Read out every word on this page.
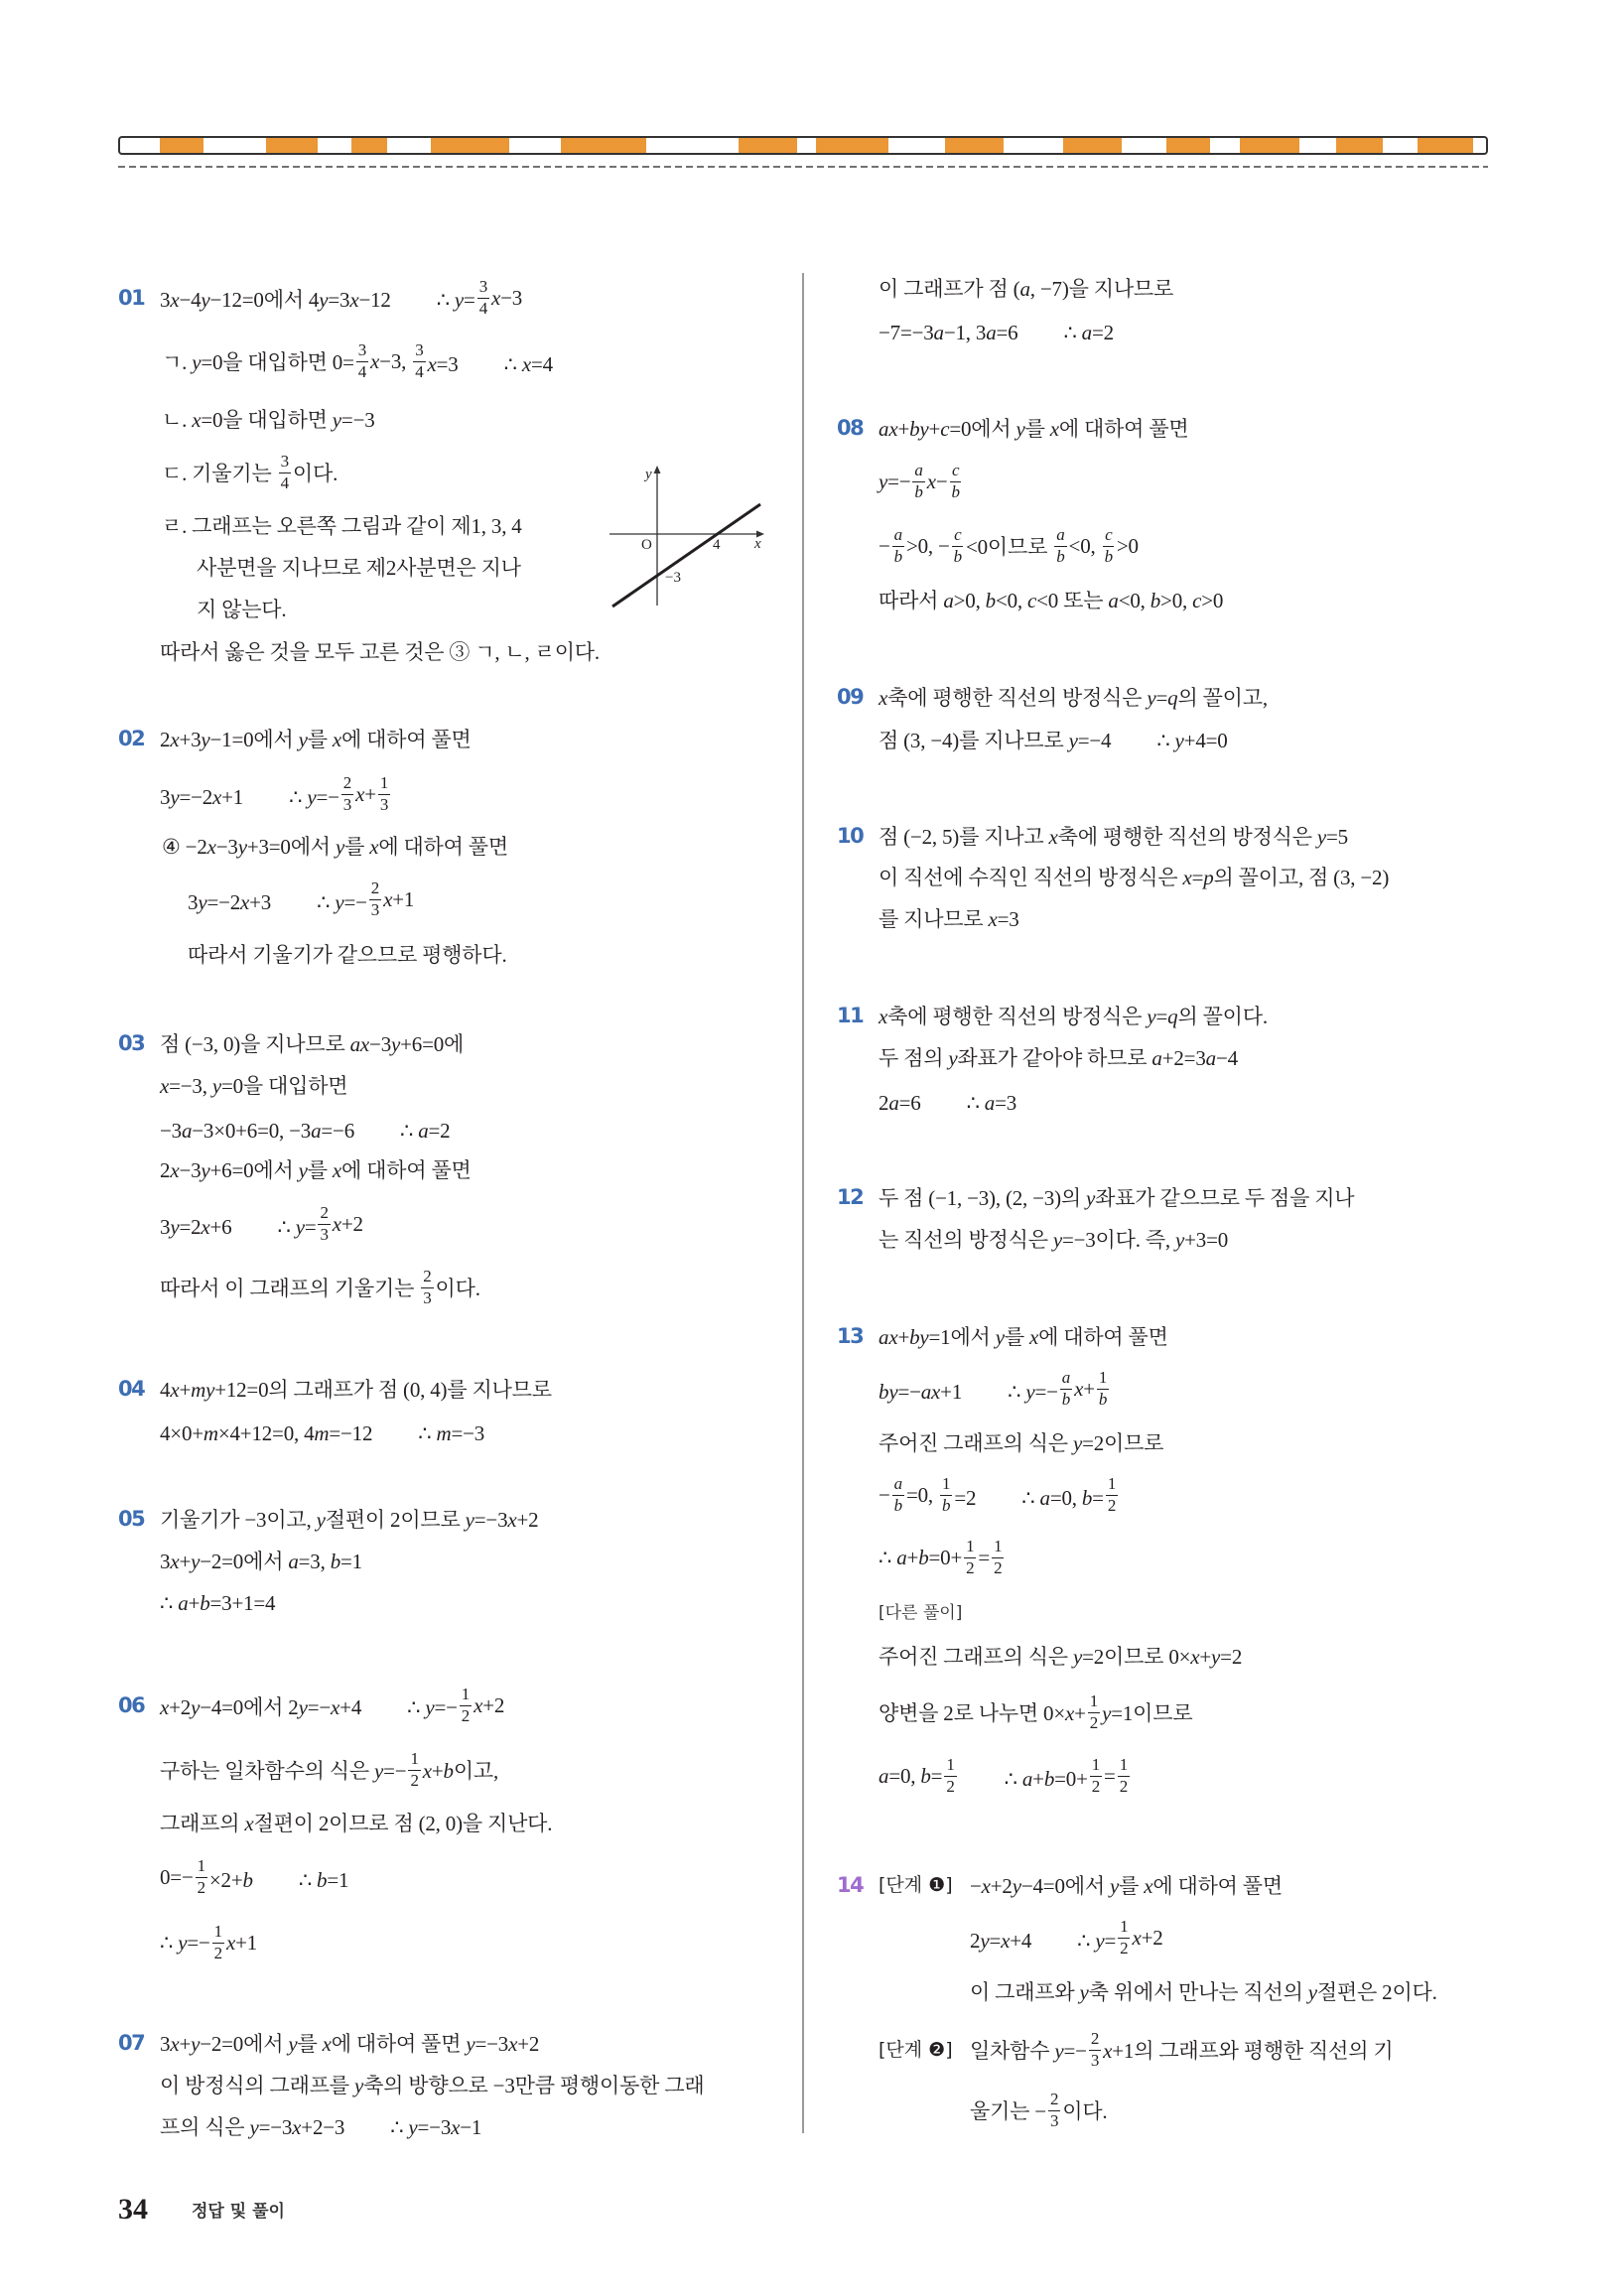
01 3x−4y−12=0에서 4y=3x−12 ∴ $y= \frac{3}{4} x-3$
ㄱ. y=0을 대입하면 $0= \frac{3}{4} x-3$, $\frac{3}{4} x=3$ ∴ x=4
ㄴ. x=0을 대입하면 y=−3
ㄷ. 기울기는 $\frac{3}{4}$ 이다.
ㄹ. 그래프는 오른쪽 그림과 같이 제1, 3, 4
사분면을 지나므로 제2사분면은 지나
지 않는다.
따라서 옳은 것을 모두 고른 것은 ③ ㄱ, ㄴ, ㄹ이다.
y
x
O	4
−3
02 2x+3y−1=0에서 y를 x에 대하여 풀면
3y=−2x+1 ∴ $y=- \frac{2}{3} x+ \frac{1}{3}$
④ −2x−3y+3=0에서 y를 x에 대하여 풀면
3y=−2x+3 ∴ $y=- \frac{2}{3} x+1$
따라서 기울기가 같으므로 평행하다.
03 점 (−3, 0)을 지나므로 ax−3y+6=0에
x=−3, y=0을 대입하면
−3a−3×0+6=0, −3a=−6 ∴ a=2
2x−3y+6=0에서 y를 x에 대하여 풀면
3y=2x+6 ∴ $y= \frac{2}{3} x+2$
따라서 이 그래프의 기울기는 $\frac{2}{3}$ 이다.
04 4x+my+12=0의 그래프가 점 (0, 4)를 지나므로
4×0+m×4+12=0, 4m=−12 ∴ m=−3
05 기울기가 −3이고, y절편이 2이므로 y=−3x+2
3x+y−2=0에서 a=3, b=1
∴ a+b=3+1=4
06 x+2y−4=0에서 2y=−x+4 ∴ $y=- \frac{1}{2} x+2$
구하는 일차함수의 식은 $y=- \frac{1}{2} x+b$이고,
그래프의 x절편이 2이므로 점 (2, 0)을 지난다.
$0=- \frac{1}{2} \times 2+b$ ∴ b=1
∴ $y=- \frac{1}{2} x+1$
07 3x+y−2=0에서 y를 x에 대하여 풀면 y=−3x+2
이 방정식의 그래프를 y축의 방향으로 −3만큼 평행이동한 그래
프의 식은 y=−3x+2−3 ∴ y=−3x−1
이 그래프가 점 (a, −7)을 지나므로
−7=−3a−1, 3a=6 ∴ a=2
08 ax+by+c=0에서 y를 x에 대하여 풀면
$y=- \frac{a}{b} x- \frac{c}{b}$
− $\frac{a}{b} >0$, − $\frac{c}{b} <0$이므로 $\frac{a}{b} <0$, $\frac{c}{b} >0$
따라서 a>0, b<0, c<0 또는 a<0, b>0, c>0
09 x축에 평행한 직선의 방정식은 y=q의 꼴이고,
점 (3, −4)를 지나므로 y=−4 ∴ y+4=0
10 점 (−2, 5)를 지나고 x축에 평행한 직선의 방정식은 y=5
이 직선에 수직인 직선의 방정식은 x=p의 꼴이고, 점 (3, −2)
를 지나므로 x=3
11 x축에 평행한 직선의 방정식은 y=q의 꼴이다.
두 점의 y좌표가 같아야 하므로 a+2=3a−4
2a=6 ∴ a=3
12 두 점 (−1, −3), (2, −3)의 y좌표가 같으므로 두 점을 지나
는 직선의 방정식은 y=−3이다. 즉, y+3=0
13 ax+by=1에서 y를 x에 대하여 풀면
by=−ax+1 ∴ $y=- \frac{a}{b} x+ \frac{1}{b}$
주어진 그래프의 식은 y=2이므로
− $\frac{a}{b} =0$, $\frac{1}{b} =2$ ∴ a=0, $b= \frac{1}{2}$
∴ $a+b=0+ \frac{1}{2} = \frac{1}{2}$
[다른 풀이]
주어진 그래프의 식은 y=2이므로 0×x+y=2
양변을 2로 나누면 $0\times x+ \frac{1}{2} y=1$이므로
a=0, $b= \frac{1}{2}$	∴ $a+b=0+ \frac{1}{2} = \frac{1}{2}$
14 [단계 ❶] −x+2y−4=0에서 y를 x에 대하여 풀면
2y=x+4 ∴ $y= \frac{1}{2} x+2$
이 그래프와 y축 위에서 만나는 직선의 y절편은 2이다.
[단계 ❷] 일차함수 $y=- \frac{2}{3} x+1$의 그래프와 평행한 직선의 기
울기는 − $\frac{2}{3}$ 이다.
34	정답 및 풀이
